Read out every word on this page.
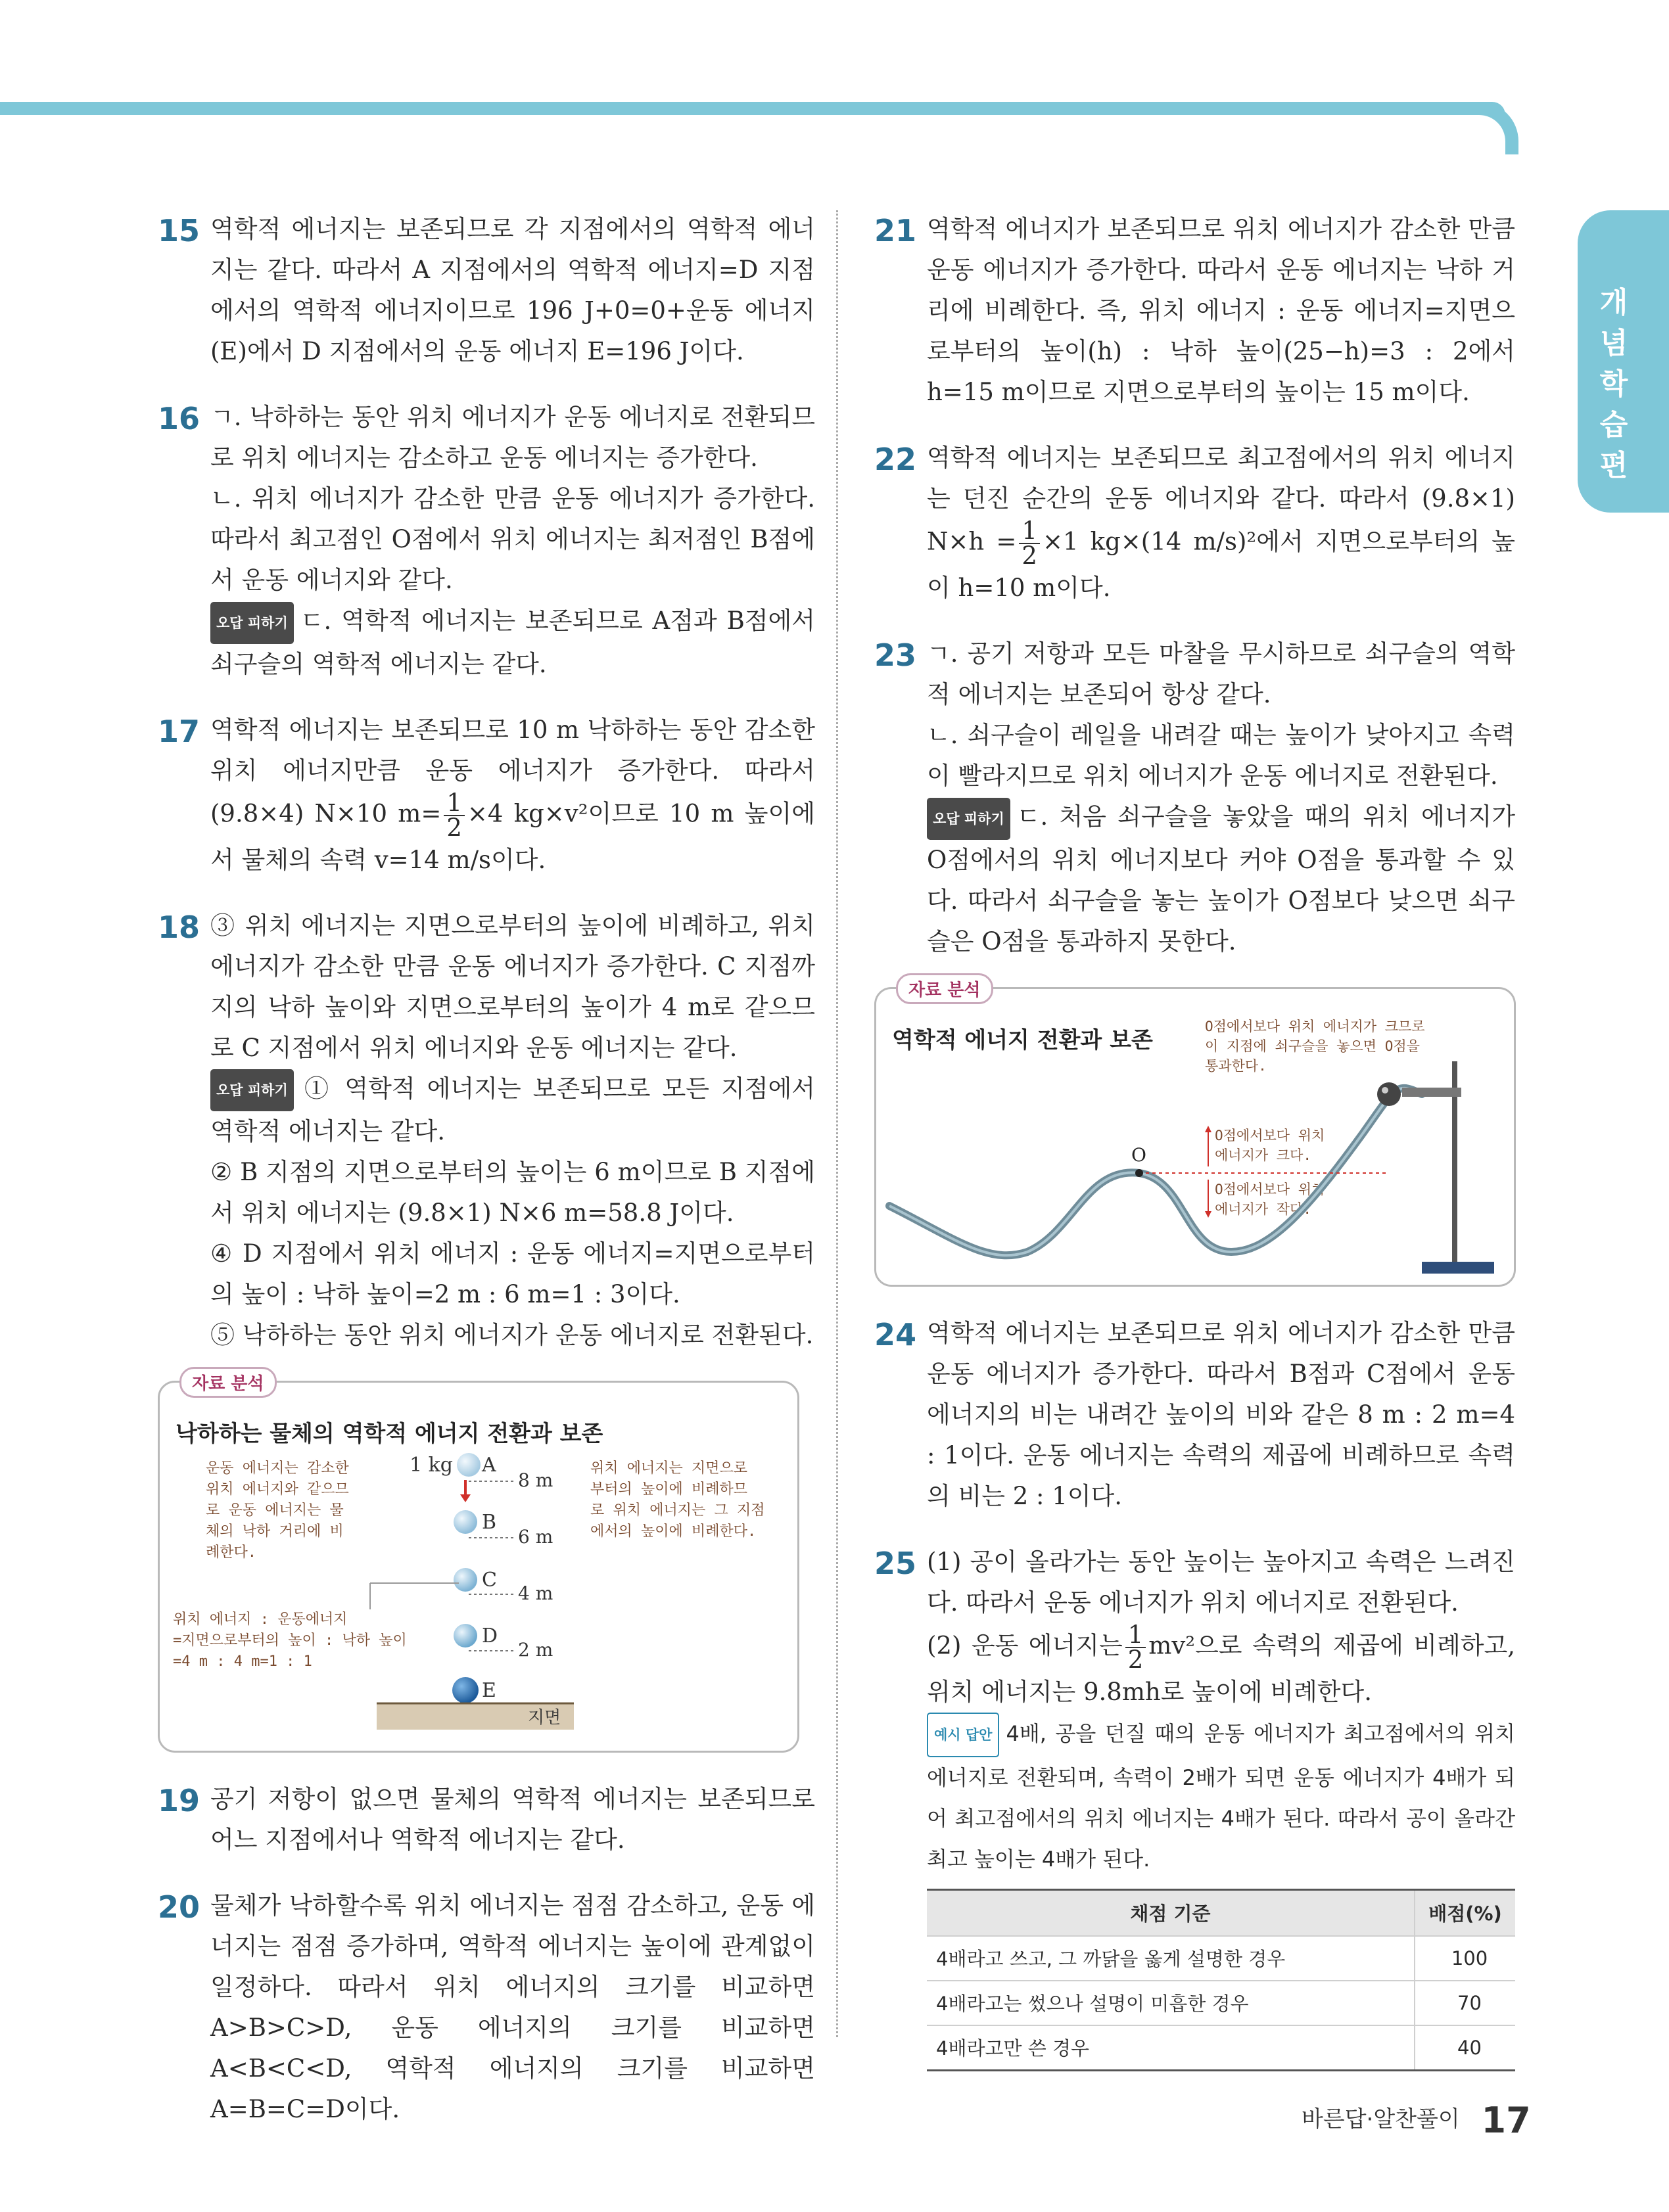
개
념
학
습
편
15 역학적 에너지는 보존되므로 각 지점에서의 역학적 에너지는 같다. 따라서 A 지점에서의 역학적 에너지=D 지점에서의 역학적 에너지이므로 196 J+0=0+운동 에너지(E)에서 D 지점에서의 운동 에너지 E=196 J이다.

16 ㄱ. 낙하하는 동안 위치 에너지가 운동 에너지로 전환되므로 위치 에너지는 감소하고 운동 에너지는 증가한다.

ㄴ. 위치 에너지가 감소한 만큼 운동 에너지가 증가한다. 따라서 최고점인 O점에서 위치 에너지는 최저점인 B점에서 운동 에너지와 같다.

오답 피하기 ㄷ. 역학적 에너지는 보존되므로 A점과 B점에서 쇠구슬의 역학적 에너지는 같다.

17 역학적 에너지는 보존되므로 10 m 낙하하는 동안 감소한 위치 에너지만큼 운동 에너지가 증가한다. 따라서 (9.8×4) N×10 $m= \frac{1}{2} \times 4$ kg×v²이므로 10 m 높이에서 물체의 속력 v=14 m/s이다.

18 ③ 위치 에너지는 지면으로부터의 높이에 비례하고, 위치 에너지가 감소한 만큼 운동 에너지가 증가한다. C 지점까지의 낙하 높이와 지면으로부터의 높이가 4 m로 같으므로 C 지점에서 위치 에너지와 운동 에너지는 같다.

오답 피하기 ① 역학적 에너지는 보존되므로 모든 지점에서 역학적 에너지는 같다.

② B 지점의 지면으로부터의 높이는 6 m이므로 B 지점에서 위치 에너지는 (9.8×1) N×6 m=58.8 J이다.

④ D 지점에서 위치 에너지 : 운동 에너지=지면으로부터의 높이 : 낙하 높이=2 m : 6 m=1 : 3이다.

⑤ 낙하하는 동안 위치 에너지가 운동 에너지로 전환된다.

자료 분석
낙하하는 물체의 역학적 에너지 전환과 보존
운동 에너지는 감소한
위치 에너지와 같으므
로 운동 에너지는 물
체의 낙하 거리에 비
례한다.
위치 에너지는 지면으로
부터의 높이에 비례하므
로 위치 에너지는 그 지점
에서의 높이에 비례한다.
위치 에너지 : 운동에너지
=지면으로부터의 높이 : 낙하 높이
=4 m : 4 m=1 : 1
1 kg A
B
C
D
E
8 m
6 m
4 m
2 m
지면
19 공기 저항이 없으면 물체의 역학적 에너지는 보존되므로 어느 지점에서나 역학적 에너지는 같다.

20 물체가 낙하할수록 위치 에너지는 점점 감소하고, 운동 에너지는 점점 증가하며, 역학적 에너지는 높이에 관계없이 일정하다. 따라서 위치 에너지의 크기를 비교하면 A>B>C>D, 운동 에너지의 크기를 비교하면 A<B<C<D, 역학적 에너지의 크기를 비교하면 A=B=C=D이다.

21 역학적 에너지가 보존되므로 위치 에너지가 감소한 만큼 운동 에너지가 증가한다. 따라서 운동 에너지는 낙하 거리에 비례한다. 즉, 위치 에너지 : 운동 에너지=지면으로부터의 높이(h) : 낙하 높이(25−h)=3 : 2에서 h=15 m이므로 지면으로부터의 높이는 15 m이다.

22 역학적 에너지는 보존되므로 최고점에서의 위치 에너지는 던진 순간의 운동 에너지와 같다. 따라서 (9.8×1) $N\times h = \frac{1}{2} \times 1$ kg×(14 m/s)²에서 지면으로부터의 높이 h=10 m이다.

23 ㄱ. 공기 저항과 모든 마찰을 무시하므로 쇠구슬의 역학적 에너지는 보존되어 항상 같다.

ㄴ. 쇠구슬이 레일을 내려갈 때는 높이가 낮아지고 속력이 빨라지므로 위치 에너지가 운동 에너지로 전환된다.

오답 피하기 ㄷ. 처음 쇠구슬을 놓았을 때의 위치 에너지가 O점에서의 위치 에너지보다 커야 O점을 통과할 수 있다. 따라서 쇠구슬을 놓는 높이가 O점보다 낮으면 쇠구슬은 O점을 통과하지 못한다.

자료 분석
역학적 에너지 전환과 보존
O점에서보다 위치 에너지가 크므로
이 지점에 쇠구슬을 놓으면 O점을
통과한다.
O점에서보다 위치
에너지가 크다.
O점에서보다 위치
에너지가 작다.
O
24 역학적 에너지는 보존되므로 위치 에너지가 감소한 만큼 운동 에너지가 증가한다. 따라서 B점과 C점에서 운동 에너지의 비는 내려간 높이의 비와 같은 8 m : 2 m=4 : 1이다. 운동 에너지는 속력의 제곱에 비례하므로 속력의 비는 2 : 1이다.

25 (1) 공이 올라가는 동안 높이는 높아지고 속력은 느려진다. 따라서 운동 에너지가 위치 에너지로 전환된다.

(2) 운동 에너지는 $\frac{1}{2} mv^2$으로 속력의 제곱에 비례하고, 위치 에너지는 9.8mh로 높이에 비례한다.

예시 답안 4배, 공을 던질 때의 운동 에너지가 최고점에서의 위치 에너지로 전환되며, 속력이 2배가 되면 운동 에너지가 4배가 되어 최고점에서의 위치 에너지는 4배가 된다. 따라서 공이 올라간 최고 높이는 4배가 된다.

채점 기준	배점(%)
4배라고 쓰고, 그 까닭을 옳게 설명한 경우	100
4배라고는 썼으나 설명이 미흡한 경우	70
4배라고만 쓴 경우	40
바른답·알찬풀이 17
